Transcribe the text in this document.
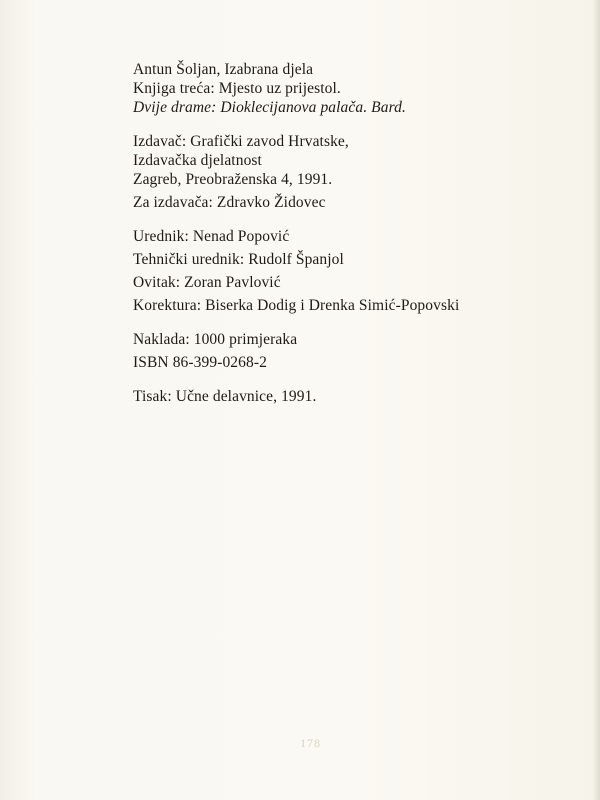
Antun Šoljan, Izabrana djela
Knjiga treća: Mjesto uz prijestol.
Dvije drame: Dioklecijanova palača. Bard.
Izdavač: Grafički zavod Hrvatske,
Izdavačka djelatnost
Zagreb, Preobraženska 4, 1991.
Za izdavača: Zdravko Židovec
Urednik: Nenad Popović
Tehnički urednik: Rudolf Španjol
Ovitak: Zoran Pavlović
Korektura: Biserka Dodig i Drenka Simić-Popovski
Naklada: 1000 primjeraka
ISBN 86-399-0268-2
Tisak: Učne delavnice, 1991.
178
